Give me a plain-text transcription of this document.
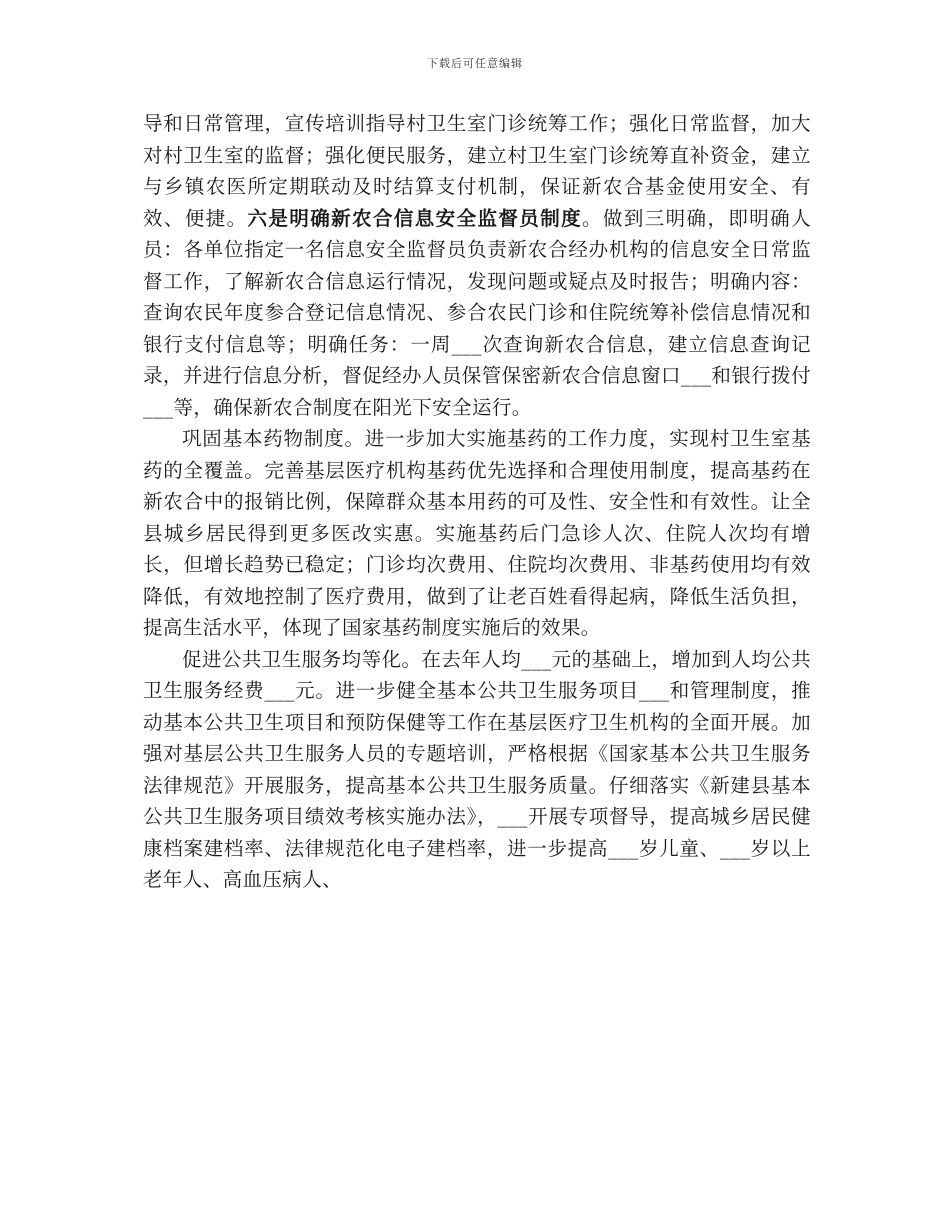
下载后可任意编辑

导和日常管理，宣传培训指导村卫生室门诊统筹工作；强化日常监督，加大对村卫生室的监督；强化便民服务，建立村卫生室门诊统筹直补资金，建立与乡镇农医所定期联动及时结算支付机制，保证新农合基金使用安全、有效、便捷。六是明确新农合信息安全监督员制度。做到三明确，即明确人员：各单位指定一名信息安全监督员负责新农合经办机构的信息安全日常监督工作，了解新农合信息运行情况，发现问题或疑点及时报告；明确内容：查询农民年度参合登记信息情况、参合农民门诊和住院统筹补偿信息情况和银行支付信息等；明确任务：一周___次查询新农合信息，建立信息查询记录，并进行信息分析，督促经办人员保管保密新农合信息窗口___和银行拨付___等，确保新农合制度在阳光下安全运行。

巩固基本药物制度。进一步加大实施基药的工作力度，实现村卫生室基药的全覆盖。完善基层医疗机构基药优先选择和合理使用制度，提高基药在新农合中的报销比例，保障群众基本用药的可及性、安全性和有效性。让全县城乡居民得到更多医改实惠。实施基药后门急诊人次、住院人次均有增长，但增长趋势已稳定；门诊均次费用、住院均次费用、非基药使用均有效降低，有效地控制了医疗费用，做到了让老百姓看得起病，降低生活负担，提高生活水平，体现了国家基药制度实施后的效果。

促进公共卫生服务均等化。在去年人均___元的基础上，增加到人均公共卫生服务经费___元。进一步健全基本公共卫生服务项目___和管理制度，推动基本公共卫生项目和预防保健等工作在基层医疗卫生机构的全面开展。加强对基层公共卫生服务人员的专题培训，严格根据《国家基本公共卫生服务法律规范》开展服务，提高基本公共卫生服务质量。仔细落实《新建县基本公共卫生服务项目绩效考核实施办法》，___开展专项督导，提高城乡居民健康档案建档率、法律规范化电子建档率，进一步提高___岁儿童、___岁以上老年人、高血压病人、
